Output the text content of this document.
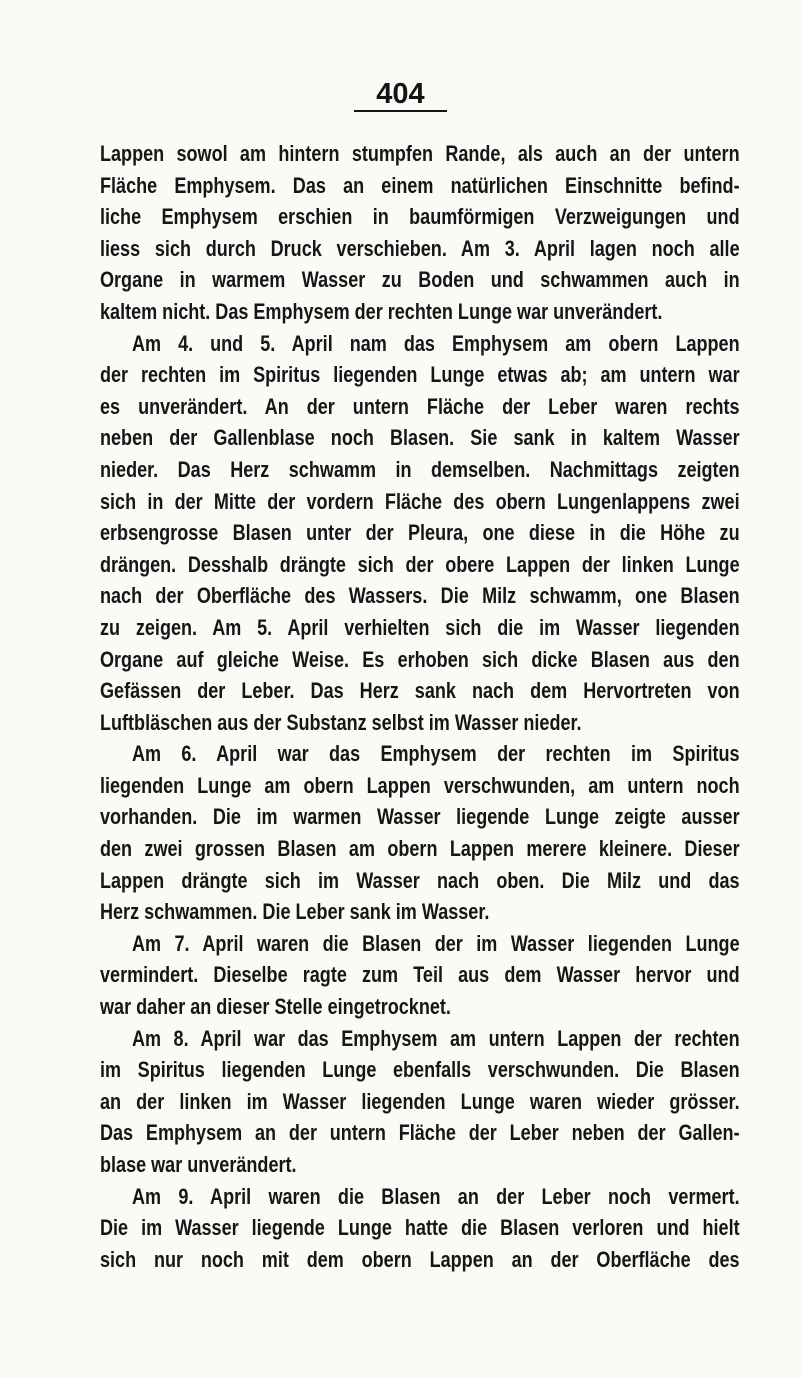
404
Lappen sowol am hintern stumpfen Rande, als auch an der untern
Fläche Emphysem. Das an einem natürlichen Einschnitte befind-
liche Emphysem erschien in baumförmigen Verzweigungen und
liess sich durch Druck verschieben. Am 3. April lagen noch alle
Organe in warmem Wasser zu Boden und schwammen auch in
kaltem nicht. Das Emphysem der rechten Lunge war unverändert.
Am 4. und 5. April nam das Emphysem am obern Lappen
der rechten im Spiritus liegenden Lunge etwas ab; am untern war
es unverändert. An der untern Fläche der Leber waren rechts
neben der Gallenblase noch Blasen. Sie sank in kaltem Wasser
nieder. Das Herz schwamm in demselben. Nachmittags zeigten
sich in der Mitte der vordern Fläche des obern Lungenlappens zwei
erbsengrosse Blasen unter der Pleura, one diese in die Höhe zu
drängen. Desshalb drängte sich der obere Lappen der linken Lunge
nach der Oberfläche des Wassers. Die Milz schwamm, one Blasen
zu zeigen. Am 5. April verhielten sich die im Wasser liegenden
Organe auf gleiche Weise. Es erhoben sich dicke Blasen aus den
Gefässen der Leber. Das Herz sank nach dem Hervortreten von
Luftbläschen aus der Substanz selbst im Wasser nieder.
Am 6. April war das Emphysem der rechten im Spiritus
liegenden Lunge am obern Lappen verschwunden, am untern noch
vorhanden. Die im warmen Wasser liegende Lunge zeigte ausser
den zwei grossen Blasen am obern Lappen merere kleinere. Dieser
Lappen drängte sich im Wasser nach oben. Die Milz und das
Herz schwammen. Die Leber sank im Wasser.
Am 7. April waren die Blasen der im Wasser liegenden Lunge
vermindert. Dieselbe ragte zum Teil aus dem Wasser hervor und
war daher an dieser Stelle eingetrocknet.
Am 8. April war das Emphysem am untern Lappen der rechten
im Spiritus liegenden Lunge ebenfalls verschwunden. Die Blasen
an der linken im Wasser liegenden Lunge waren wieder grösser.
Das Emphysem an der untern Fläche der Leber neben der Gallen-
blase war unverändert.
Am 9. April waren die Blasen an der Leber noch vermert.
Die im Wasser liegende Lunge hatte die Blasen verloren und hielt
sich nur noch mit dem obern Lappen an der Oberfläche des
